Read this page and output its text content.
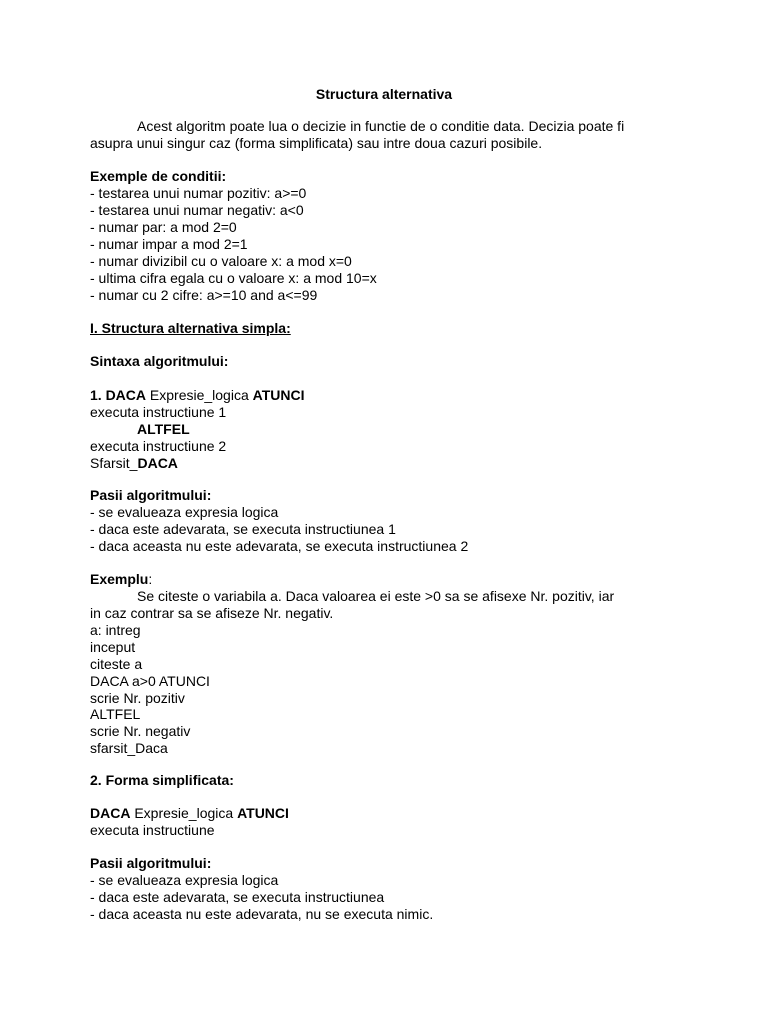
Structura alternativa
Acest algoritm poate lua o decizie in functie de o conditie data. Decizia poate fi
asupra unui singur caz (forma simplificata) sau intre doua cazuri posibile.
Exemple de conditii:
- testarea unui numar pozitiv: a>=0
- testarea unui numar negativ: a<0
- numar par: a mod 2=0
- numar impar a mod 2=1
- numar divizibil cu o valoare x: a mod x=0
- ultima cifra egala cu o valoare x: a mod 10=x
- numar cu 2 cifre: a>=10 and a<=99
I. Structura alternativa simpla:
Sintaxa algoritmului:
1. DACA Expresie_logica ATUNCI
executa instructiune 1
ALTFEL
executa instructiune 2
Sfarsit_DACA
Pasii algoritmului:
- se evalueaza expresia logica
- daca este adevarata, se executa instructiunea 1
- daca aceasta nu este adevarata, se executa instructiunea 2
Exemplu:
Se citeste o variabila a. Daca valoarea ei este >0 sa se afisexe Nr. pozitiv, iar
in caz contrar sa se afiseze Nr. negativ.
a: intreg
inceput
citeste a
DACA a>0 ATUNCI
scrie Nr. pozitiv
ALTFEL
scrie Nr. negativ
sfarsit_Daca
2. Forma simplificata:
DACA Expresie_logica ATUNCI
executa instructiune
Pasii algoritmului:
- se evalueaza expresia logica
- daca este adevarata, se executa instructiunea
- daca aceasta nu este adevarata, nu se executa nimic.
